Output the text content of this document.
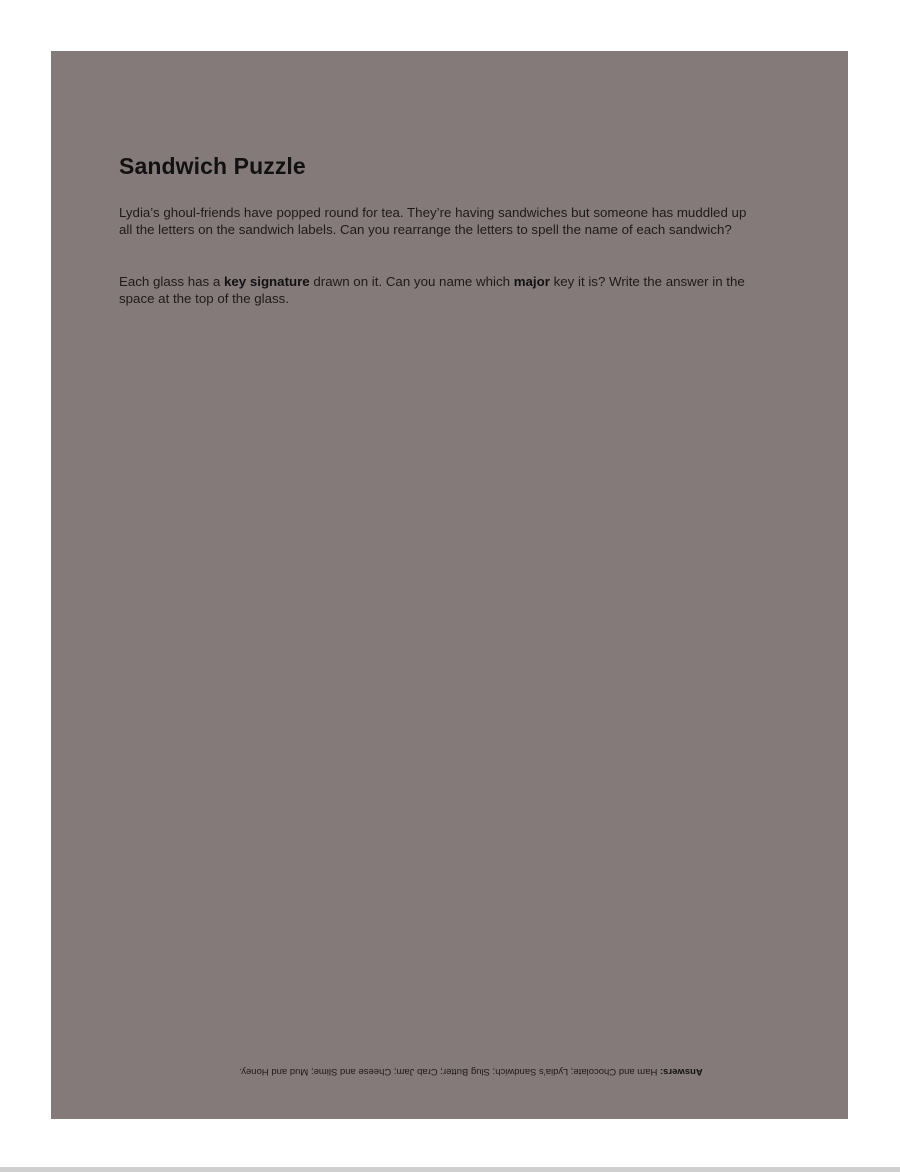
Sandwich Puzzle

Lydia’s ghoul-friends have popped round for tea. They’re having sandwiches but someone has muddled up all the letters on the sandwich labels. Can you rearrange the letters to spell the name of each sandwich?

Each glass has a key signature drawn on it. Can you name which major key it is? Write the answer in the space at the top of the glass.

Answers: Ham and Chocolate; Lydia’s Sandwich; Slug Butter; Crab Jam; Cheese and Slime; Mud and Honey.
